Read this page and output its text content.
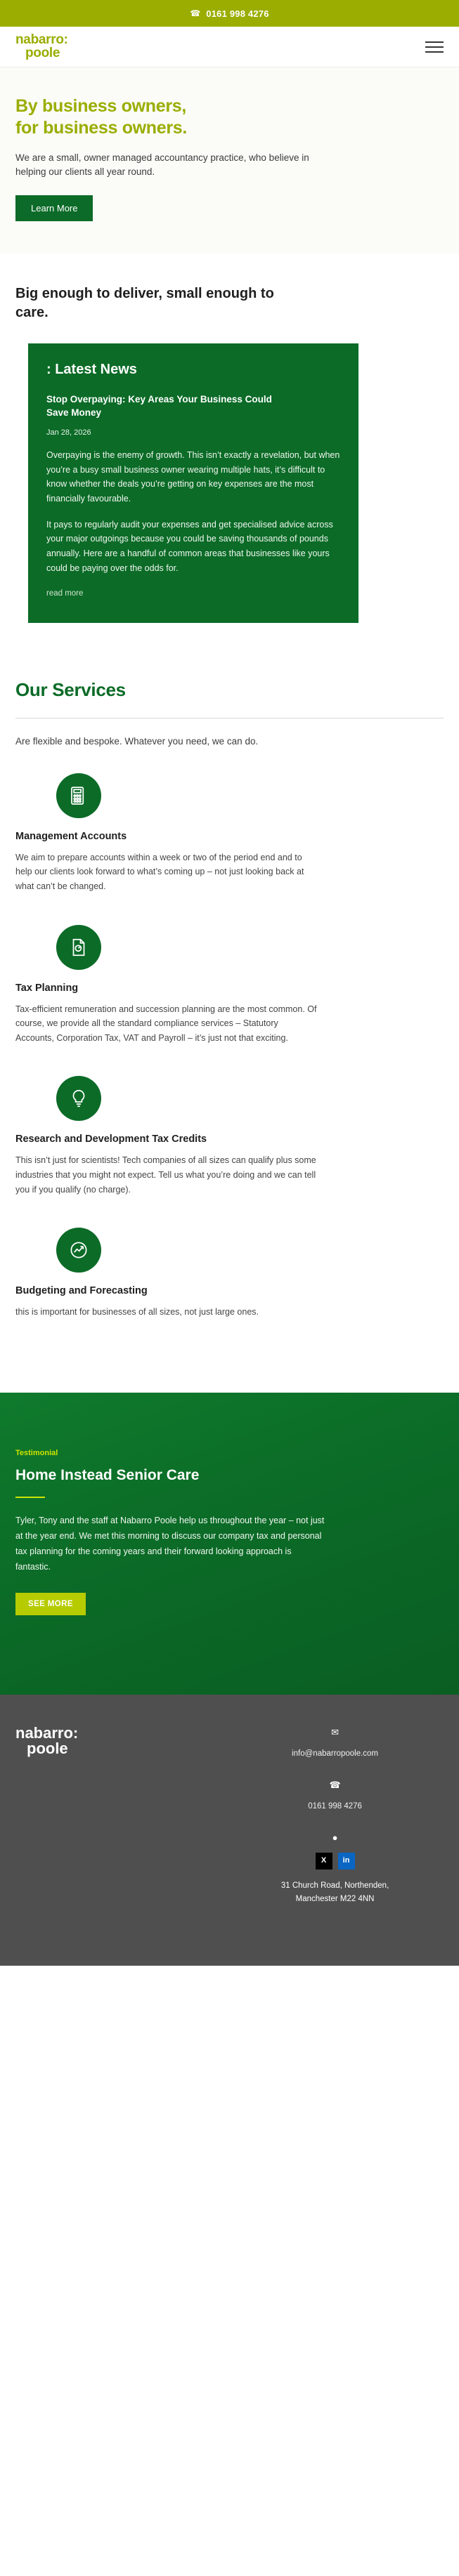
☎ 0161 998 4276
nabarro:
poole
By business owners,
for business owners.

We are a small, owner managed accountancy practice, who believe in helping our clients all year round.

Learn More
Big enough to deliver, small enough to care.
: Latest News
Stop Overpaying: Key Areas Your Business Could Save Money
Jan 28, 2026

Overpaying is the enemy of growth. This isn’t exactly a revelation, but when you’re a busy small business owner wearing multiple hats, it’s difficult to know whether the deals you’re getting on key expenses are the most financially favourable.

It pays to regularly audit your expenses and get specialised advice across your major outgoings because you could be saving thousands of pounds annually. Here are a handful of common areas that businesses like yours could be paying over the odds for.

read more
Our Services

Are flexible and bespoke. Whatever you need, we can do.

Management Accounts

We aim to prepare accounts within a week or two of the period end and to help our clients look forward to what’s coming up – not just looking back at what can’t be changed.

Tax Planning

Tax-efficient remuneration and succession planning are the most common. Of course, we provide all the standard compliance services – Statutory Accounts, Corporation Tax, VAT and Payroll – it’s just not that exciting.

Research and Development Tax Credits

This isn’t just for scientists! Tech companies of all sizes can qualify plus some industries that you might not expect. Tell us what you’re doing and we can tell you if you qualify (no charge).

Budgeting and Forecasting

this is important for businesses of all sizes, not just large ones.

Testimonial
Home Instead Senior Care

Tyler, Tony and the staff at Nabarro Poole help us throughout the year – not just at the year end. We met this morning to discuss our company tax and personal tax planning for the coming years and their forward looking approach is fantastic.

SEE MORE
nabarro:
poole
✉
info@nabarropoole.com
☎
0161 998 4276
●
X	in
31 Church Road, Northenden,
Manchester M22 4NN
